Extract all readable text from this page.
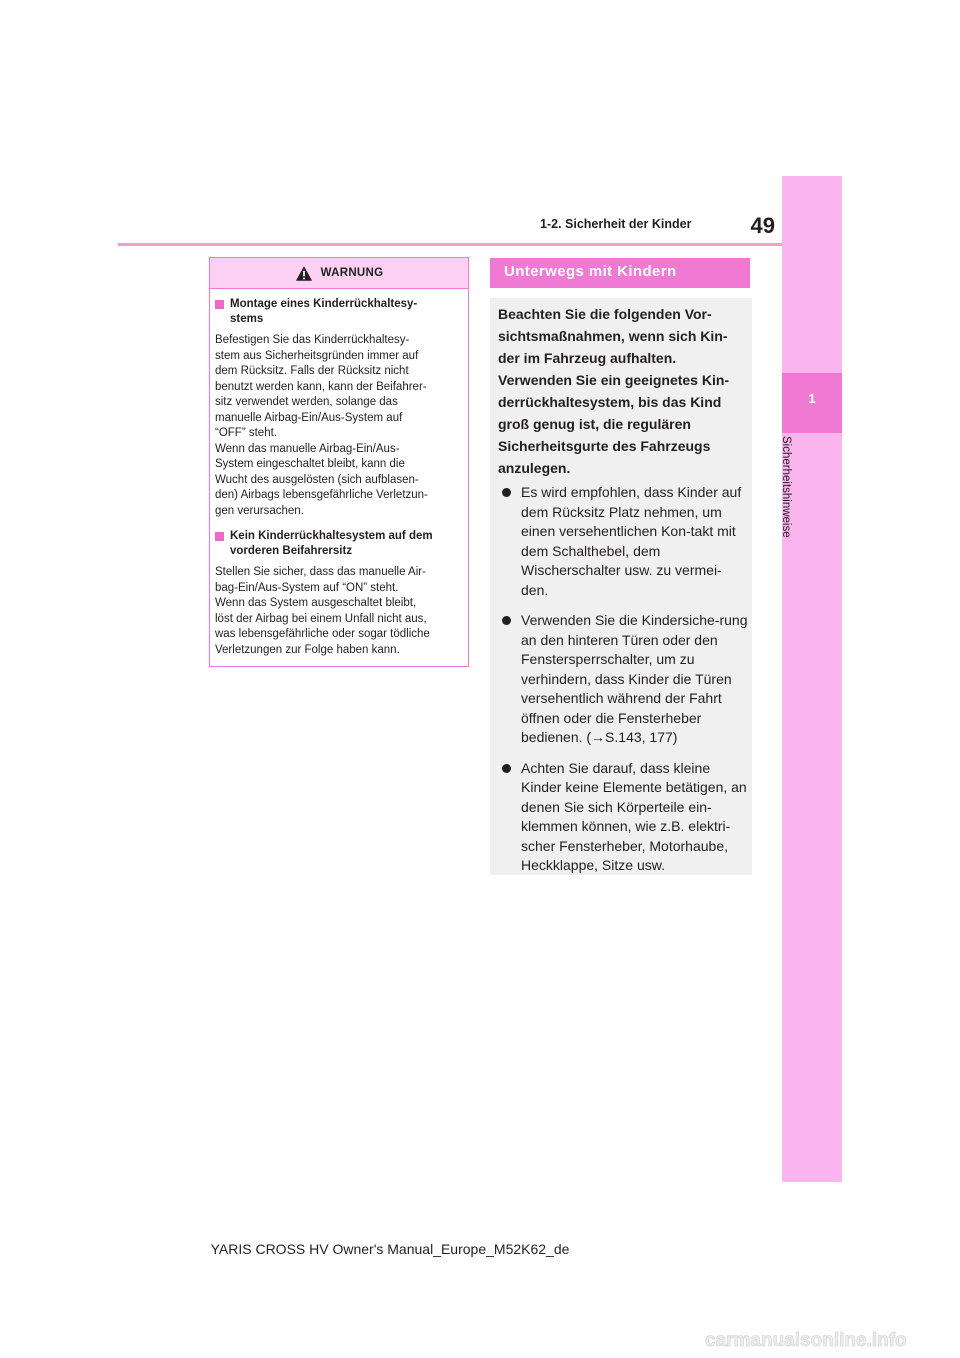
1
Sicherheitshinweise
49
1-2. Sicherheit der Kinder
WARNUNG
Montage eines Kinderrückhaltesy-
stems

Befestigen Sie das Kinderrückhaltesy-
stem aus Sicherheitsgründen immer auf
dem Rücksitz. Falls der Rücksitz nicht
benutzt werden kann, kann der Beifahrer-
sitz verwendet werden, solange das
manuelle Airbag-Ein/Aus-System auf
“OFF” steht.
Wenn das manuelle Airbag-Ein/Aus-
System eingeschaltet bleibt, kann die
Wucht des ausgelösten (sich aufblasen-
den) Airbags lebensgefährliche Verletzun-
gen verursachen.

Kein Kinderrückhaltesystem auf dem
vorderen Beifahrersitz

Stellen Sie sicher, dass das manuelle Air-
bag-Ein/Aus-System auf “ON” steht.
Wenn das System ausgeschaltet bleibt,
löst der Airbag bei einem Unfall nicht aus,
was lebensgefährliche oder sogar tödliche
Verletzungen zur Folge haben kann.

Unterwegs mit Kindern
Beachten Sie die folgenden Vor-
sichtsmaßnahmen, wenn sich Kin-
der im Fahrzeug aufhalten.
Verwenden Sie ein geeignetes Kin-
derrückhaltesystem, bis das Kind
groß genug ist, die regulären
Sicherheitsgurte des Fahrzeugs
anzulegen.
Es wird empfohlen, dass Kinder auf dem Rücksitz Platz nehmen, um einen versehentlichen Kon-takt mit dem Schalthebel, dem Wischerschalter usw. zu vermei-den.
Verwenden Sie die Kindersiche-rung an den hinteren Türen oder den Fenstersperrschalter, um zu verhindern, dass Kinder die Türen versehentlich während der Fahrt öffnen oder die Fensterheber bedienen. (→S.143, 177)
Achten Sie darauf, dass kleine Kinder keine Elemente betätigen, an denen Sie sich Körperteile ein-klemmen können, wie z.B. elektri-scher Fensterheber, Motorhaube, Heckklappe, Sitze usw.
YARIS CROSS HV Owner's Manual_Europe_M52K62_de
carmanualsonline.info
